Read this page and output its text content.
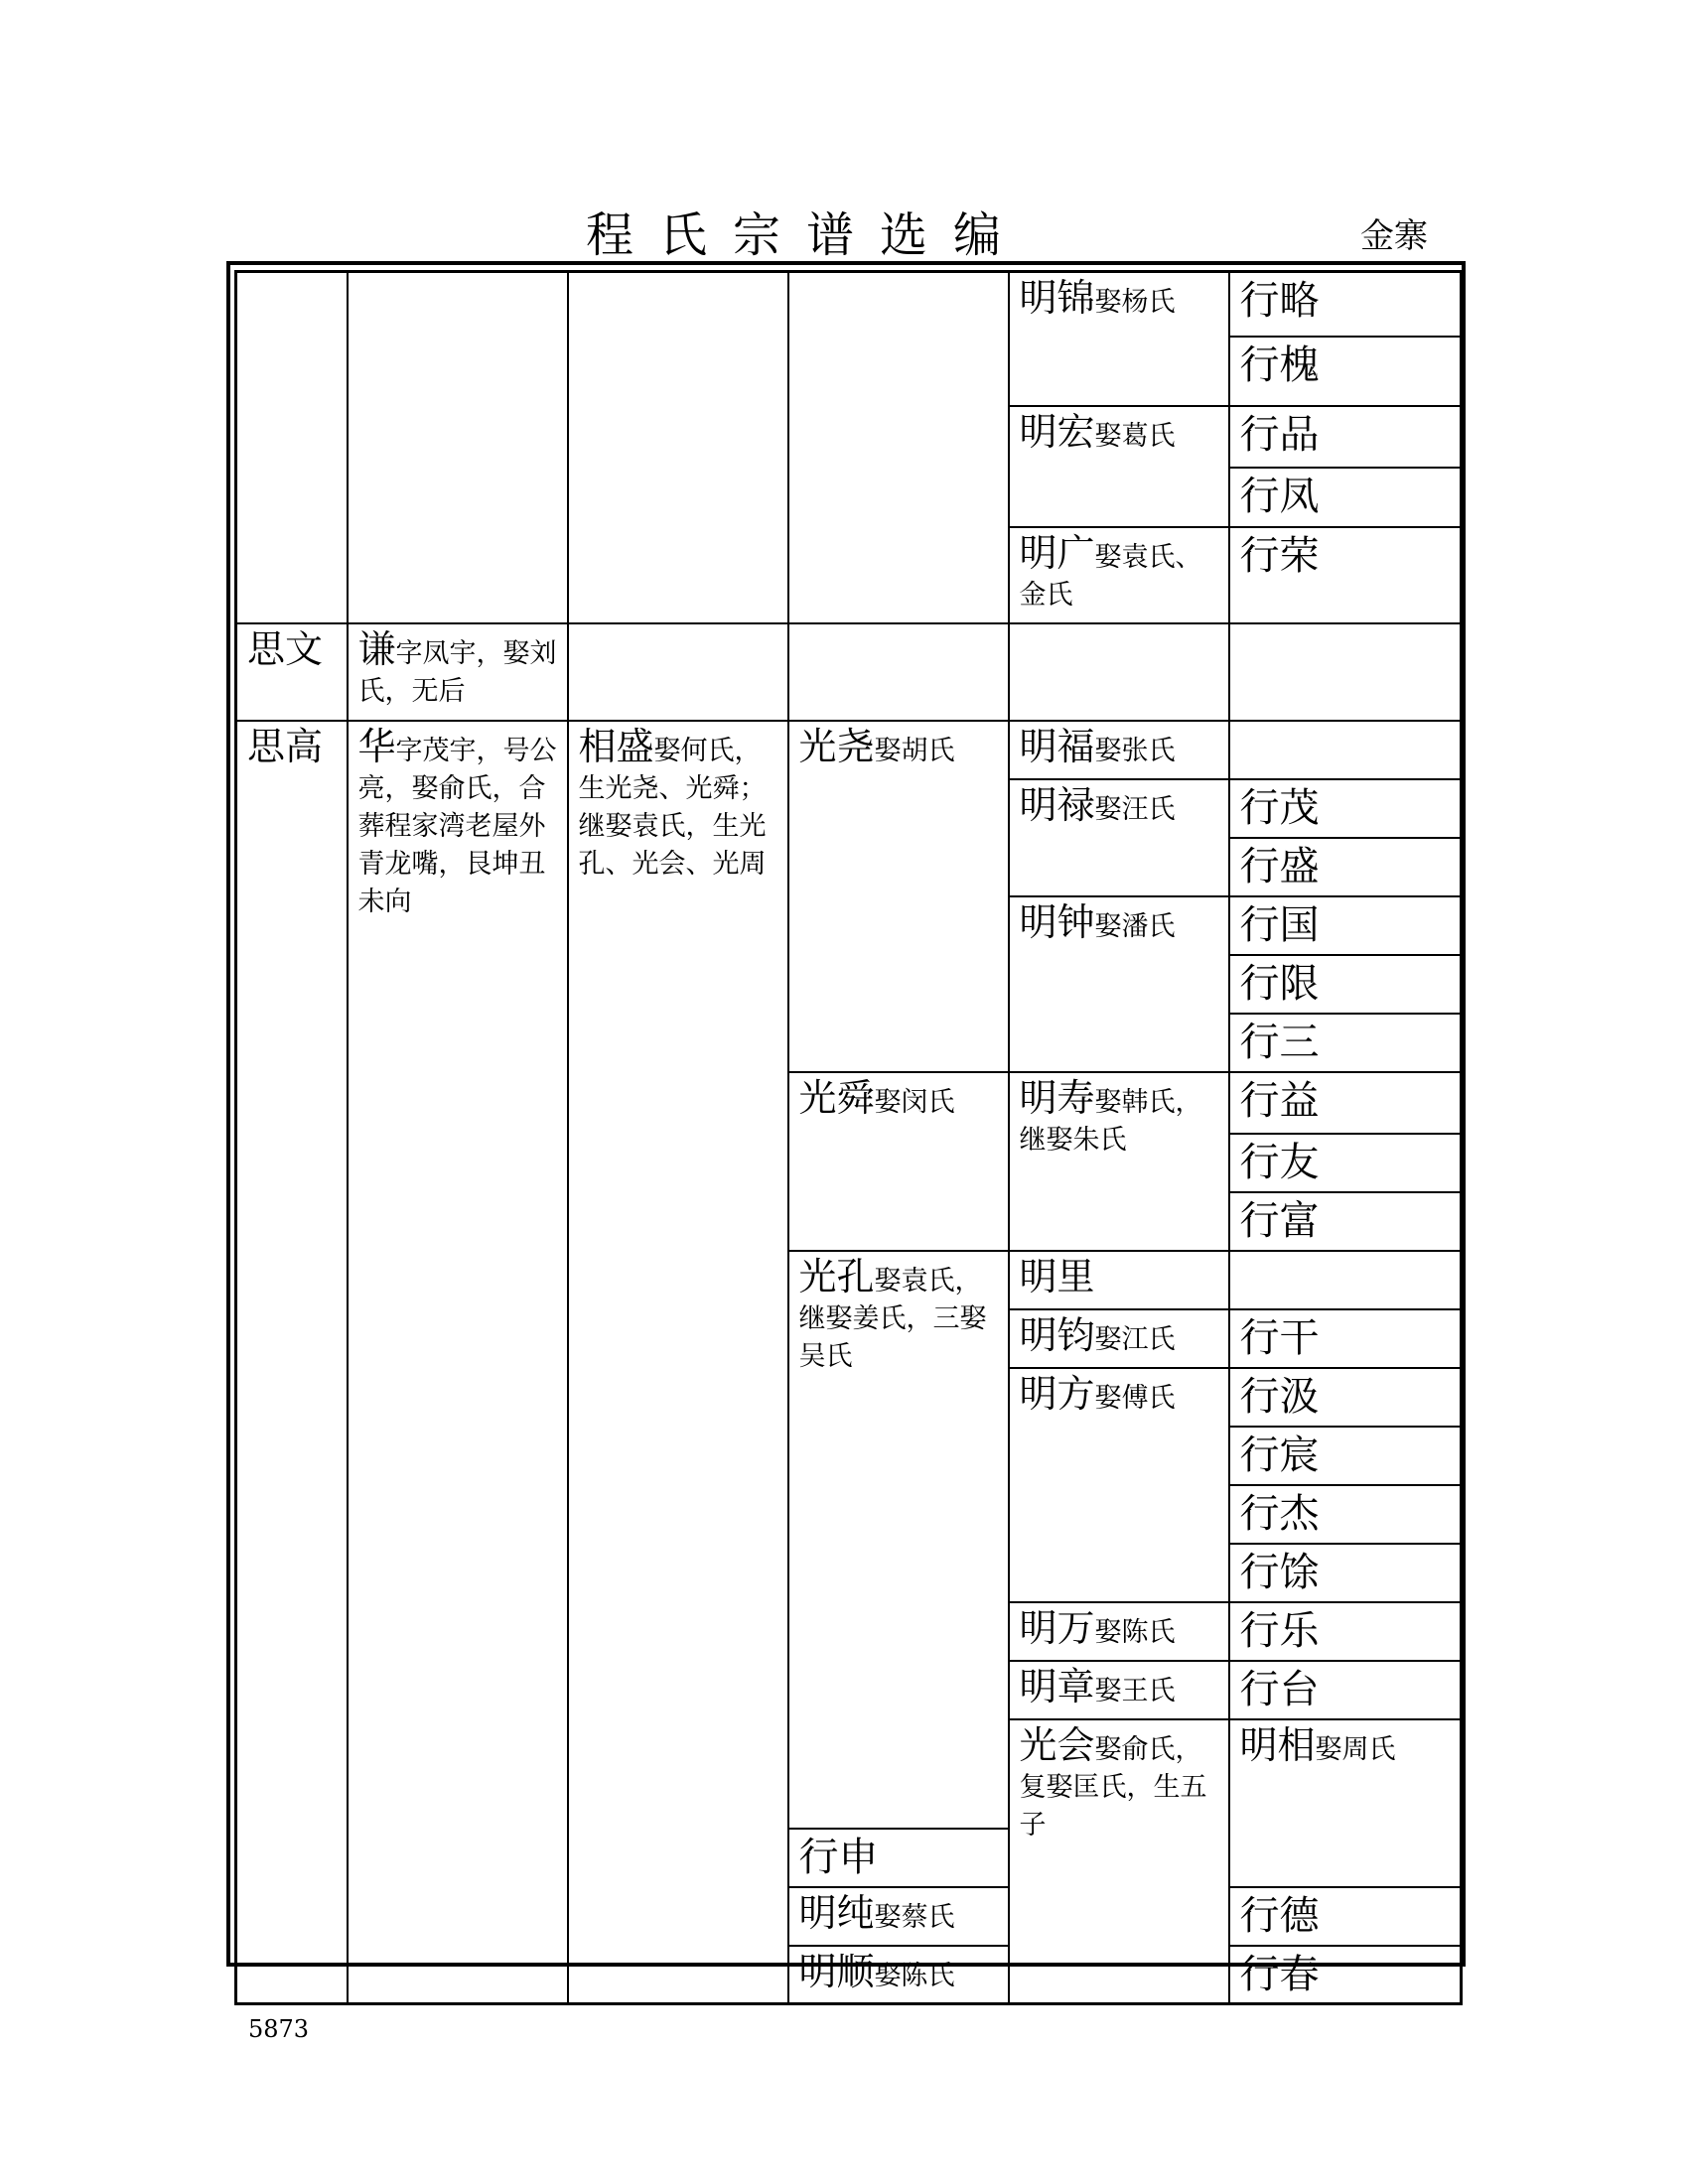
程氏宗谱选编	金寨
				明锦娶杨氏	行略	
					行槐	
				明宏娶葛氏	行品	
					行凤	
				明广娶袁氏、金氏	行荣	
思文	谦字凤宇，娶刘氏，无后					
思高	华字茂宇，号公亮，娶俞氏，合葬程家湾老屋外青龙嘴，艮坤丑未向	相盛娶何氏，生光尧、光舜；继娶袁氏，生光孔、光会、光周	光尧娶胡氏	明福娶张氏		
				明禄娶汪氏	行茂	
					行盛	
				明钟娶潘氏	行国	
					行限	
					行三	
			光舜娶闵氏	明寿娶韩氏，继娶朱氏	行益	
					行友	
					行富	
			光孔娶袁氏，继娶姜氏，三娶吴氏	明里		
				明钧娶江氏	行干	
				明方娶傅氏	行汲	
					行宸	
					行杰	
					行馀	
				明万娶陈氏	行乐	
				明章娶王氏	行台	
				光会娶俞氏，复娶匡氏，生五子	明相娶周氏	
			行申			
			明纯娶蔡氏		行德	
			明顺娶陈氏		行春	
5873
